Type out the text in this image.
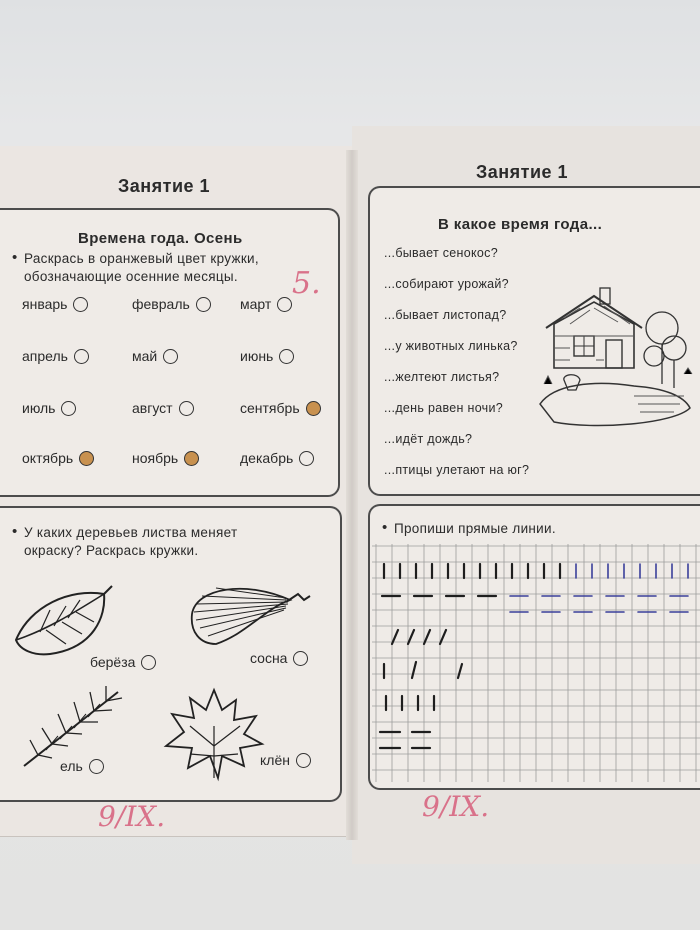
Занятие 1
Времена года. Осень
• Раскрась в оранжевый цвет кружки, обозначающие осенние месяцы.	5.
январь	февраль	март
апрель	май	июнь
июль	август	сентябрь
октябрь	ноябрь	декабрь
• У каких деревьев листва меняет окраску? Раскрась кружки.
берёза	сосна
ель	клён
9/IX.
Занятие 1
В какое время года...
...бывает сенокос?
...собирают урожай?
...бывает листопад?
...у животных линька?
...желтеют листья?
...день равен ночи?
...идёт дождь?
...птицы улетают на юг?
• Пропиши прямые линии.
9/IX.
